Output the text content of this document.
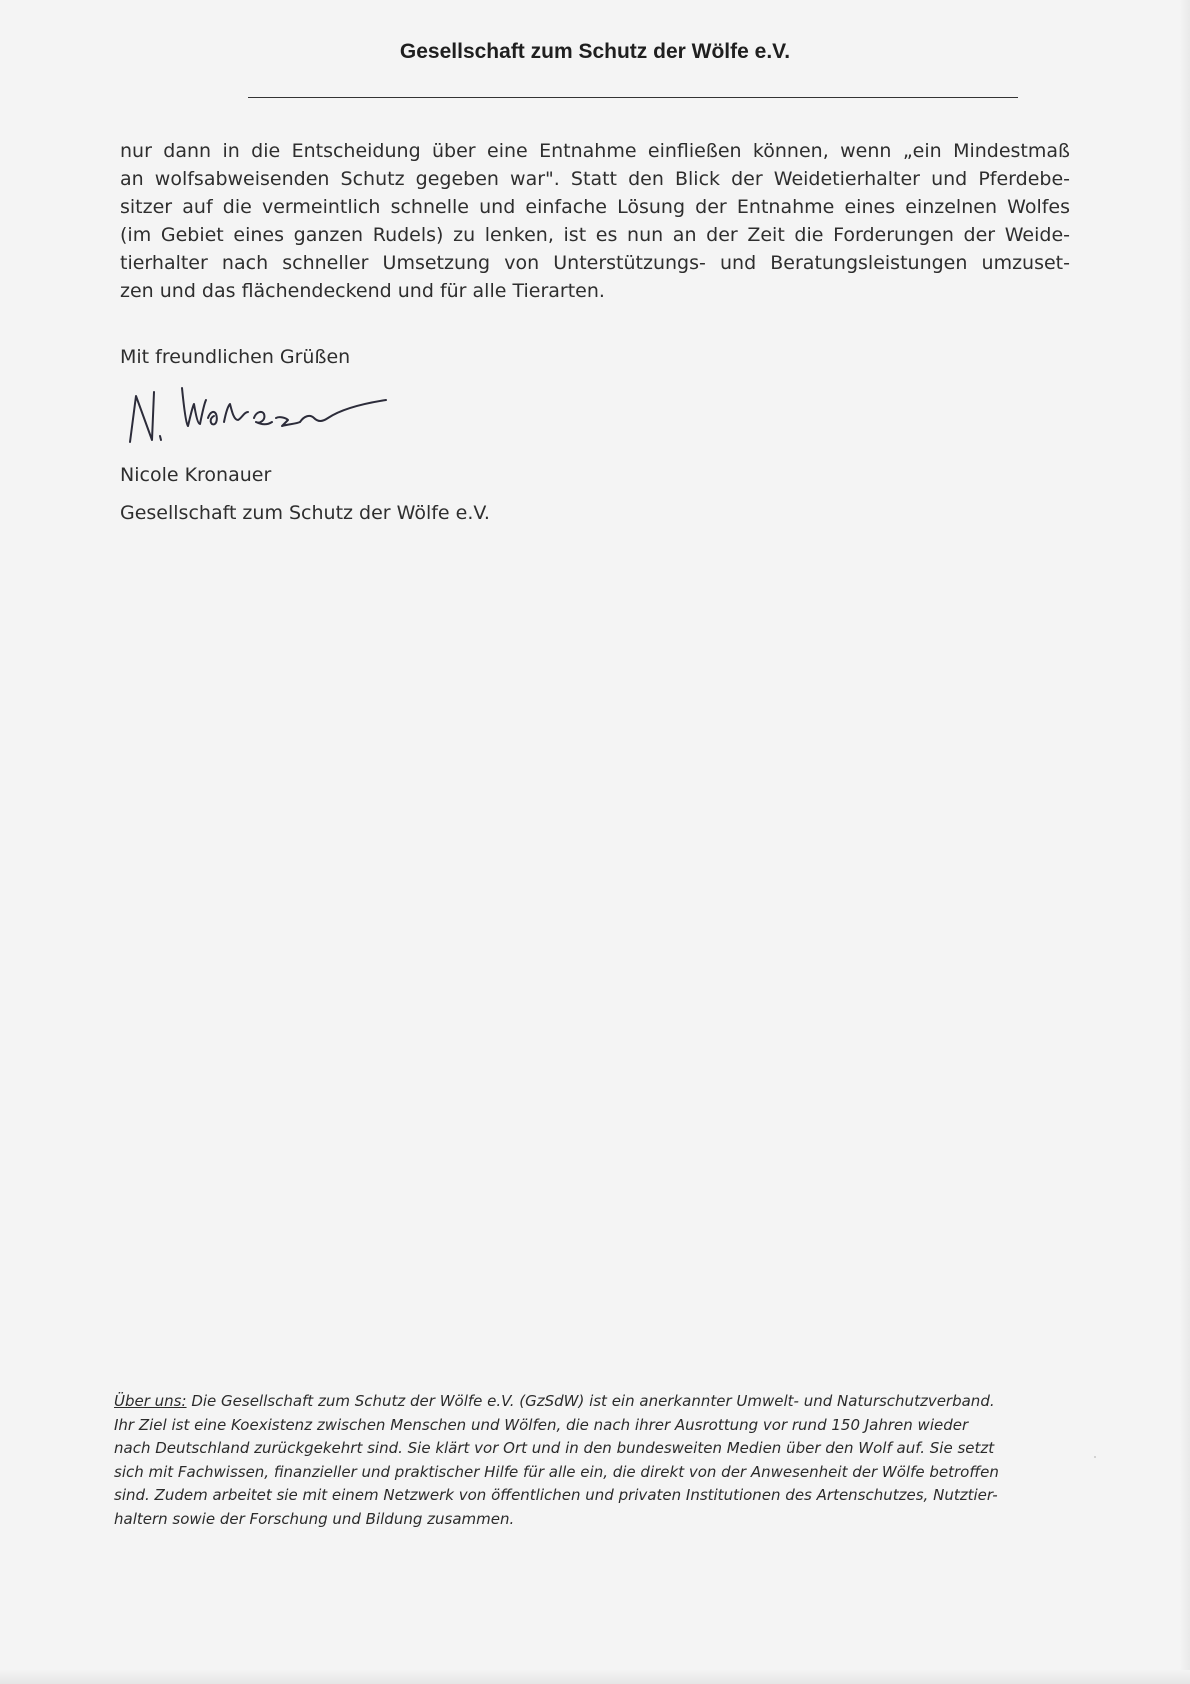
Gesellschaft zum Schutz der Wölfe e.V.
nur dann in die Entscheidung über eine Entnahme einfließen können, wenn „ein Mindestmaß
an wolfsabweisenden Schutz gegeben war". Statt den Blick der Weidetierhalter und Pferdebe-
sitzer auf die vermeintlich schnelle und einfache Lösung der Entnahme eines einzelnen Wolfes
(im Gebiet eines ganzen Rudels) zu lenken, ist es nun an der Zeit die Forderungen der Weide-
tierhalter nach schneller Umsetzung von Unterstützungs- und Beratungsleistungen umzuset-
zen und das flächendeckend und für alle Tierarten.
Mit freundlichen Grüßen
Nicole Kronauer
Gesellschaft zum Schutz der Wölfe e.V.
Über uns: Die Gesellschaft zum Schutz der Wölfe e.V. (GzSdW) ist ein anerkannter Umwelt- und Naturschutzverband.
Ihr Ziel ist eine Koexistenz zwischen Menschen und Wölfen, die nach ihrer Ausrottung vor rund 150 Jahren wieder
nach Deutschland zurückgekehrt sind. Sie klärt vor Ort und in den bundesweiten Medien über den Wolf auf. Sie setzt
sich mit Fachwissen, finanzieller und praktischer Hilfe für alle ein, die direkt von der Anwesenheit der Wölfe betroffen
sind. Zudem arbeitet sie mit einem Netzwerk von öffentlichen und privaten Institutionen des Artenschutzes, Nutztier-
haltern sowie der Forschung und Bildung zusammen.
